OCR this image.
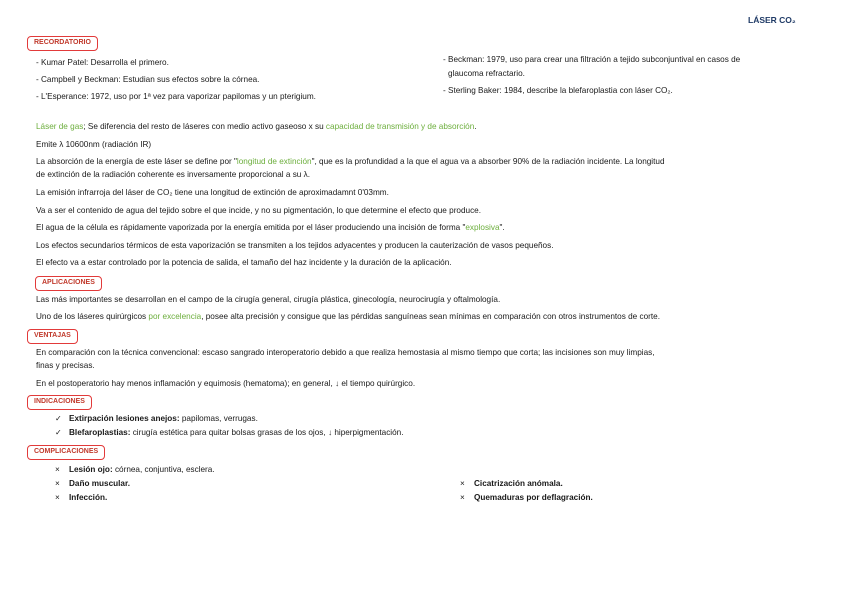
LÁSER CO₂
RECORDATORIO
- Kumar Patel: Desarrolla el primero.
- Campbell y Beckman: Estudian sus efectos sobre la córnea.
- L'Esperance: 1972, uso por 1ª vez para vaporizar papilomas y un pterigium.
- Beckman: 1979, uso para crear una filtración a tejido subconjuntival en casos de
glaucoma refractario.
- Sterling Baker: 1984, describe la blefaroplastia con láser CO₂.
Láser de gas; Se diferencia del resto de láseres con medio activo gaseoso x su capacidad de transmisión y de absorción.
Emite λ 10600nm (radiación IR)
La absorción de la energía de este láser se define por "longitud de extinción", que es la profundidad a la que el agua va a absorber 90% de la radiación incidente. La longitud
de extinción de la radiación coherente es inversamente proporcional a su λ.
La emisión infrarroja del láser de CO₂ tiene una longitud de extinción de aproximadamnt 0'03mm.
Va a ser el contenido de agua del tejido sobre el que incide, y no su pigmentación, lo que determine el efecto que produce.
El agua de la célula es rápidamente vaporizada por la energía emitida por el láser produciendo una incisión de forma "explosiva".
Los efectos secundarios térmicos de esta vaporización se transmiten a los tejidos adyacentes y producen la cauterización de vasos pequeños.
El efecto va a estar controlado por la potencia de salida, el tamaño del haz incidente y la duración de la aplicación.
APLICACIONES
Las más importantes se desarrollan en el campo de la cirugía general, cirugía plástica, ginecología, neurocirugía y oftalmología.
Uno de los láseres quirúrgicos por excelencia, posee alta precisión y consigue que las pérdidas sanguíneas sean mínimas en comparación con otros instrumentos de corte.
VENTAJAS
En comparación con la técnica convencional: escaso sangrado interoperatorio debido a que realiza hemostasia al mismo tiempo que corta; las incisiones son muy limpias,
finas y precisas.
En el postoperatorio hay menos inflamación y equimosis (hematoma); en general, ↓ el tiempo quirúrgico.
INDICACIONES
✓ Extirpación lesiones anejos: papilomas, verrugas.
✓ Blefaroplastias: cirugía estética para quitar bolsas grasas de los ojos, ↓ hiperpigmentación.
COMPLICACIONES
× Lesión ojo: córnea, conjuntiva, esclera.
× Daño muscular.
× Infección.
× Cicatrización anómala.
× Quemaduras por deflagración.
